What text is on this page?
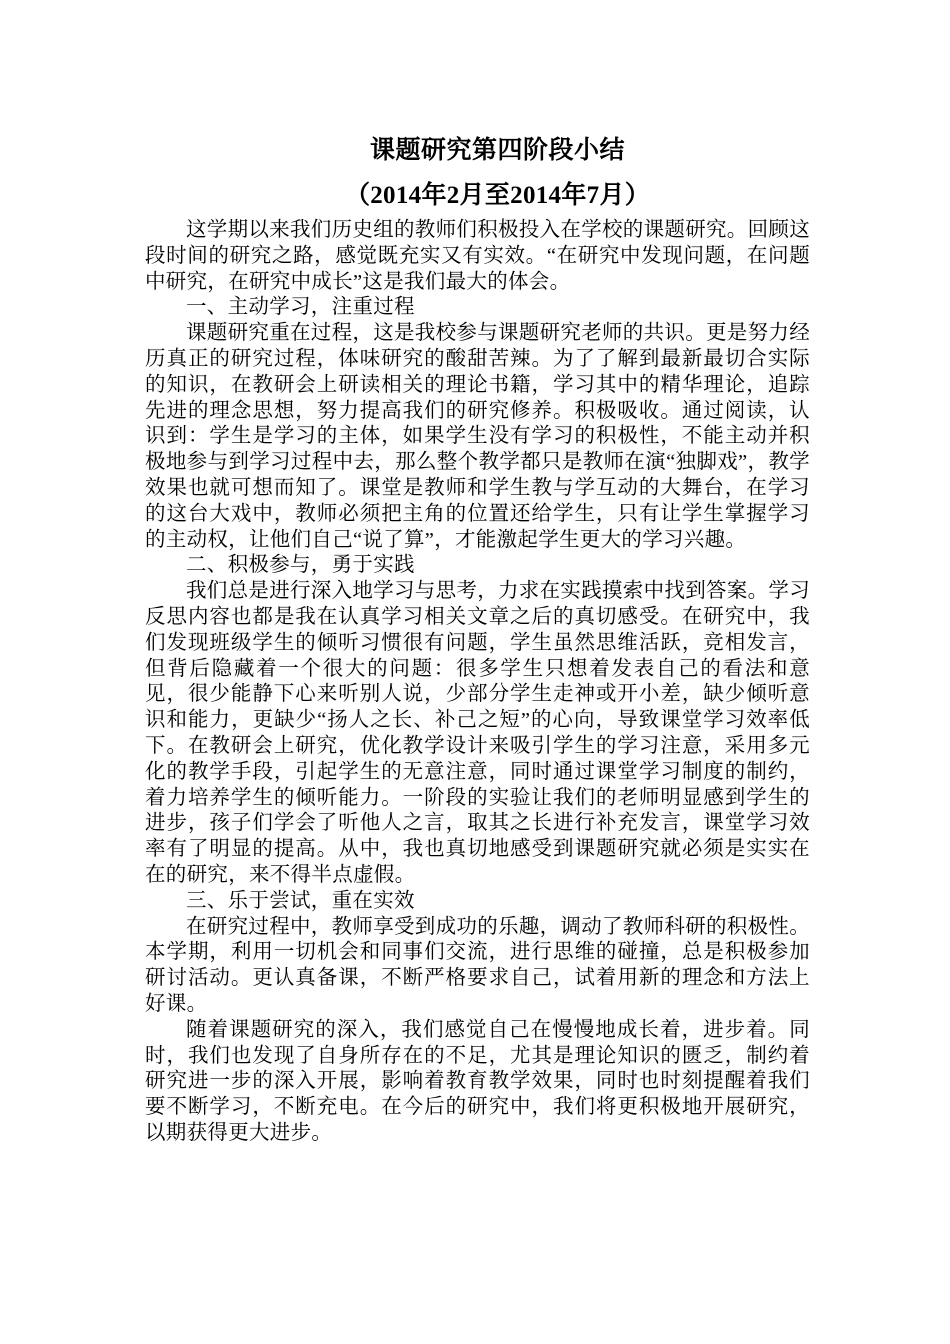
课题研究第四阶段小结
（2014年2月至2014年7月）

这学期以来我们历史组的教师们积极投入在学校的课题研究。回顾这段时间的研究之路，感觉既充实又有实效。“在研究中发现问题，在问题中研究，在研究中成长”这是我们最大的体会。

一、主动学习，注重过程

课题研究重在过程，这是我校参与课题研究老师的共识。更是努力经历真正的研究过程，体味研究的酸甜苦辣。为了了解到最新最切合实际的知识，在教研会上研读相关的理论书籍，学习其中的精华理论，追踪先进的理念思想，努力提高我们的研究修养。积极吸收。通过阅读，认识到：学生是学习的主体，如果学生没有学习的积极性，不能主动并积极地参与到学习过程中去，那么整个教学都只是教师在演“独脚戏”，教学效果也就可想而知了。课堂是教师和学生教与学互动的大舞台，在学习的这台大戏中，教师必须把主角的位置还给学生，只有让学生掌握学习的主动权，让他们自己“说了算”，才能激起学生更大的学习兴趣。

二、积极参与，勇于实践

我们总是进行深入地学习与思考，力求在实践摸索中找到答案。学习反思内容也都是我在认真学习相关文章之后的真切感受。在研究中，我们发现班级学生的倾听习惯很有问题，学生虽然思维活跃，竞相发言，但背后隐藏着一个很大的问题：很多学生只想着发表自己的看法和意见，很少能静下心来听别人说，少部分学生走神或开小差，缺少倾听意识和能力，更缺少“扬人之长、补己之短”的心向，导致课堂学习效率低下。在教研会上研究，优化教学设计来吸引学生的学习注意，采用多元化的教学手段，引起学生的无意注意，同时通过课堂学习制度的制约，着力培养学生的倾听能力。一阶段的实验让我们的老师明显感到学生的进步，孩子们学会了听他人之言，取其之长进行补充发言，课堂学习效率有了明显的提高。从中，我也真切地感受到课题研究就必须是实实在在的研究，来不得半点虚假。

三、乐于尝试，重在实效

在研究过程中，教师享受到成功的乐趣，调动了教师科研的积极性。本学期，利用一切机会和同事们交流，进行思维的碰撞，总是积极参加研讨活动。更认真备课，不断严格要求自己，试着用新的理念和方法上好课。

随着课题研究的深入，我们感觉自己在慢慢地成长着，进步着。同时，我们也发现了自身所存在的不足，尤其是理论知识的匮乏，制约着研究进一步的深入开展，影响着教育教学效果，同时也时刻提醒着我们要不断学习，不断充电。在今后的研究中，我们将更积极地开展研究，以期获得更大进步。
